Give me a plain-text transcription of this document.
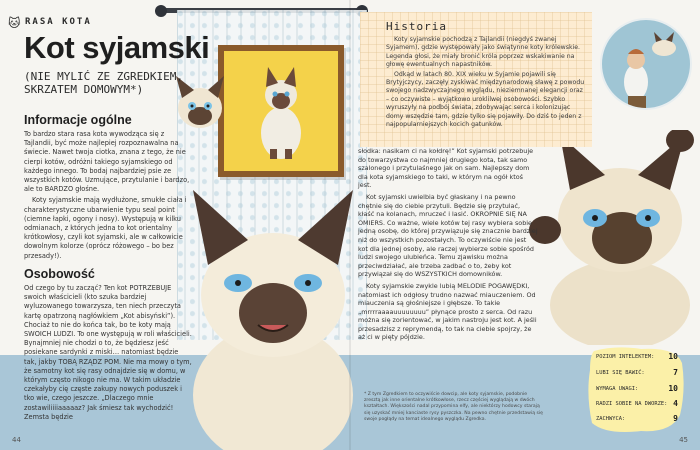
🐱︎ RASA KOTA
Kot syjamski
(NIE MYLIĆ ZE ZGREDKIEM, SKRZATEM DOMOWYM*)
Informacje ogólne

To bardzo stara rasa kota wywodząca się z Tajlandii, być może najlepiej rozpoznawalna na świecie. Nawet twoja ciotka, znana z tego, że nie cierpi kotów, odróżni takiego syjamskiego od każdego innego. To bodaj najbardziej psie ze wszystkich kotów. Uzmujące, przytulanie i bardzo, ale to BARDZO głośne.

Koty syjamskie mają wydłużone, smukłe ciała i charakterystyczne ubarwienie typu seal point (ciemne łapki, ogony i nosy). Występują w kilku odmianach, z których jedna to kot orientalny krótkowłosy, czyli kot syjamski, ale w całkowicie dowolnym kolorze (oprócz różowego – bo bez przesady!).

Osobowość

Od czego by tu zacząć? Ten kot POTRZEBUJE swoich właścicieli (kto szuka bardziej wyluzowanego towarzysza, ten niech przeczyta kartę opatrzoną nagłówkiem „Kot abisyński”). Chociaż to nie do końca tak, bo te koty mają SWOICH LUDZI. To one występują w roli właścicieli. Bynajmniej nie chodzi o to, że będziesz jeść posiekane sardynki z miski… natomiast będzie tak, jakby TOBĄ RZĄDZ POM. Nie ma mowy o tym, że samotny kot się rasy odnajdzie się w domu, w którym często nikogo nie ma. W takim układzie czekałyby cię częste zakupy nowych poduszek i tko wie, czego jeszcze. „Dlaczego mnie zostawiliiiiaaaaaz? Jak śmiesz tak wychodzić! Zemsta będzie

44
Historia

Koty syjamskie pochodzą z Tajlandii (niegdyś zwanej Syjamem), gdzie występowały jako świątynne koty królewskie. Legenda głosi, że miały bronić króla poprzez wskakiwanie na głowę ewentualnych napastników.

Odkąd w latach 80. XIX wieku w Syjamie pojawili się Brytyjczycy, zaczęły zyskiwać międzynarodową sławę z powodu swojego nadzwyczajnego wyglądu, nieziemnanej elegancji oraz – co oczywiste – wyjątkowo uroklilwej osobowości. Szybko wyruszyły na podbój świata, zdobywając serca i kolonizując domy wszędzie tam, gdzie tylko się pojawiły. Do dziś to jeden z najpopularniejszych kocich gatunków.

słodka: nasikam ci na kołdrę!” Kot syjamski potrzebuje do towarzystwa co najmniej drugiego kota, tak samo szalonego i przytulaśnego jak on sam. Najlepszy dom dla kota syjamskiego to taki, w którym na ogół ktoś jest.

Kot syjamski uwielbia być głaskany i na pewno chętnie się do ciebie przytuli. Będzie się przytulać, kłaść na kolanach, mruczeć i lasić. OKROPNIE SIĘ NA OMIERS. Co ważne, wiele kotów tej rasy wybiera sobie jedną osobę, do której przywiązuje się znacznie bardziej niż do wszystkich pozostałych. To oczywiście nie jest kot dla jednej osoby, ale raczej wybierze sobie spośród ludzi swojego ulubieńca. Temu zjawisku można przeciwdziałać, ale trzeba zadbać o to, żeby kot przywiązał się do WSZYSTKICH domowników.

Koty syjamskie zwykle lubią MELODIE POGAWĘDKI, natomiast ich odgłosy trudno nazwać miauczeniem. Od miauczenia są głośniejsze i głębsze. To takie „mrrrraaaauuuuuuuu” płynące prosto z serca. Od razu można się zorientować, w jakim nastroju jest kot. A jeśli przesadzisz z reprymendą, to tak na ciebie spojrzy, że aż ci w pięty pójdzie.

* Z tym Zgredkiem to oczywiście dowcip, ale koty syjamskie, podobnie zresztą jak inne orientalne krótkowłose, rzecz częściej wyglądają w dwóch kształtach. Większości nadal przypomina elfy, ale niektórzy hodowcy starają się uzyskać mniej kanciaste rysy pyszczka. Na pewno chętnie przedstawią się swoje pogłądy na temat idealnego wyglądu Zgredka.
45
POZIOM INTELEKTEM: 10
LUBI SIĘ BAWIĆ:	7
WYMAGA UWAGI:	10
RADZI SOBIE NA DWORZE: 4
ZACHWYCA:	9
